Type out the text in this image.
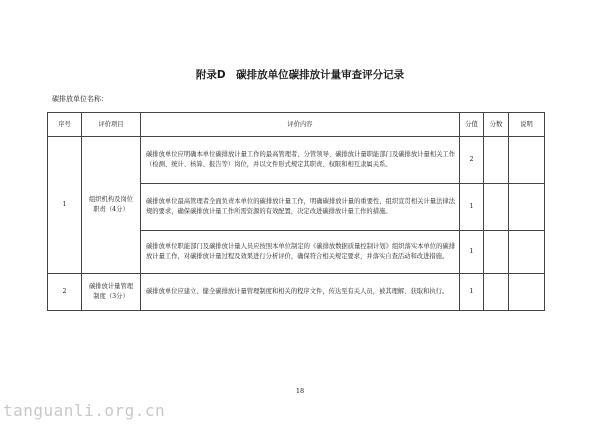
附录D　碳排放单位碳排放计量审查评分记录
碳排放单位名称：
序号	评价项目	评价内容	分值	分数	说明
1	组织机构及岗位职责（4分）	碳排放单位应明确本单位碳排放计量工作的最高管理者、分管领导、碳排放计量职能部门及碳排放计量相关工作（检测、统计、核算、报告等）岗位，并以文件形式规定其职责、权限和相互隶属关系。	2		
		碳排放单位最高管理者全面负责本单位的碳排放计量工作，明确碳排放计量的重要性，组织宣贯相关计量法律法规的要求，确保碳排放计量工作所需资源的有效配置，决定改进碳排放计量工作的措施。	1		
		碳排放单位职能部门及碳排放计量人员应按照本单位制定的《碳排放数据质量控制计划》组织落实本单位的碳排放计量工作，对碳排放计量过程及效果进行分析评价，确保符合相关规定要求，并落实自查活动和改进措施。	1		
2	碳排放计量管理制度（3分）	碳排放单位应建立、健全碳排放计量管理制度和相关的程序文件，传达至有关人员，被其理解、获取和执行。	1		
18
tanguanli.org.cn
